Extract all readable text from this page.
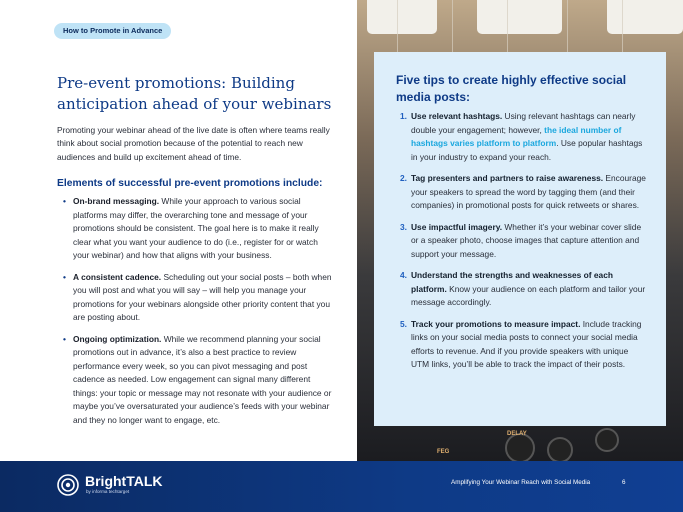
How to Promote in Advance
Pre-event promotions: Building anticipation ahead of your webinars

Promoting your webinar ahead of the live date is often where teams really think about social promotion because of the potential to reach new audiences and build up excitement ahead of time.

Elements of successful pre-event promotions include:
• On-brand messaging. While your approach to various social platforms may differ, the overarching tone and message of your promotions should be consistent. The goal here is to make it really clear what you want your audience to do (i.e., register for or watch your webinar) and how that aligns with your business.
• A consistent cadence. Scheduling out your social posts – both when you will post and what you will say – will help you manage your promotions for your webinars alongside other priority content that you are posting about.
• Ongoing optimization. While we recommend planning your social promotions out in advance, it’s also a best practice to review performance every week, so you can pivot messaging and post cadence as needed. Low engagement can signal many different things: your topic or message may not resonate with your audience or maybe you’ve oversaturated your audience’s feeds with your webinar and they no longer want to engage, etc.
DELAY
FEG
Five tips to create highly effective social media posts:
1. Use relevant hashtags. Using relevant hashtags can nearly double your engagement; however, the ideal number of hashtags varies platform to platform. Use popular hashtags in your industry to expand your reach.
2. Tag presenters and partners to raise awareness. Encourage your speakers to spread the word by tagging them (and their companies) in promotional posts for quick retweets or shares.
3. Use impactful imagery. Whether it’s your webinar cover slide or a speaker photo, choose images that capture attention and support your message.
4. Understand the strengths and weaknesses of each platform. Know your audience on each platform and tailor your message accordingly.
5. Track your promotions to measure impact. Include tracking links on your social media posts to connect your social media efforts to revenue. And if you provide speakers with unique UTM links, you’ll be able to track the impact of their posts.
BrightTALK
by informa techtarget
Amplifying Your Webinar Reach with Social Media	6
